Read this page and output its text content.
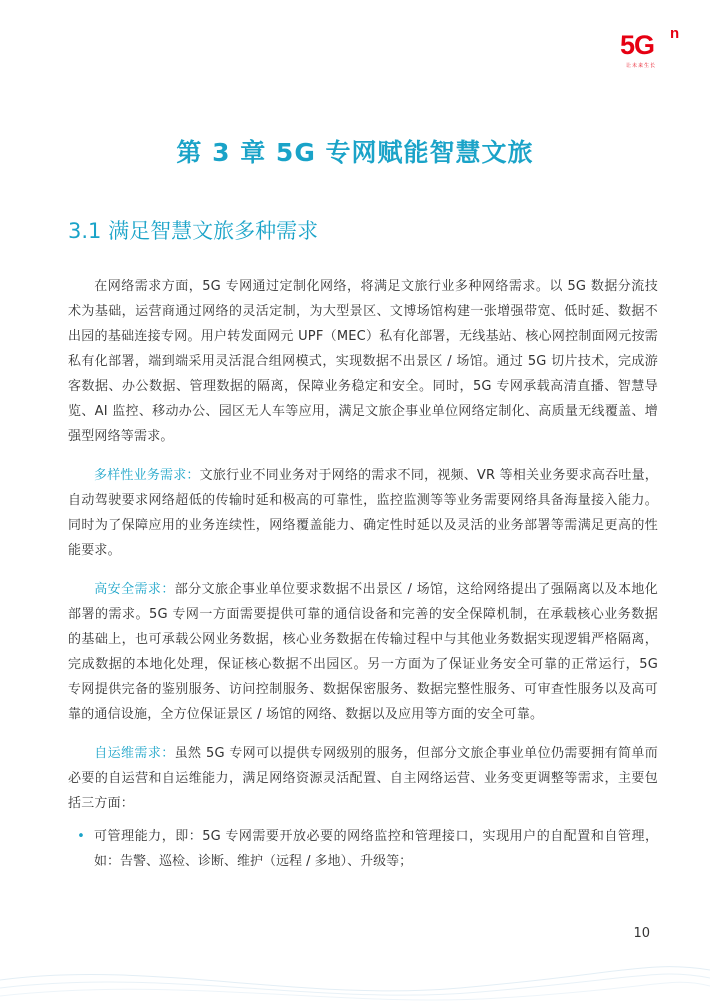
5G n
让未来生长
第 3 章 5G 专网赋能智慧文旅
3.1 满足智慧文旅多种需求

在网络需求方面，5G 专网通过定制化网络，将满足文旅行业多种网络需求。以 5G 数据分流技术为基础，运营商通过网络的灵活定制，为大型景区、文博场馆构建一张增强带宽、低时延、数据不出园的基础连接专网。用户转发面网元 UPF（MEC）私有化部署，无线基站、核心网控制面网元按需私有化部署，端到端采用灵活混合组网模式，实现数据不出景区 / 场馆。通过 5G 切片技术，完成游客数据、办公数据、管理数据的隔离，保障业务稳定和安全。同时，5G 专网承载高清直播、智慧导览、AI 监控、移动办公、园区无人车等应用，满足文旅企事业单位网络定制化、高质量无线覆盖、增强型网络等需求。

多样性业务需求：文旅行业不同业务对于网络的需求不同，视频、VR 等相关业务要求高吞吐量，自动驾驶要求网络超低的传输时延和极高的可靠性，监控监测等等业务需要网络具备海量接入能力。同时为了保障应用的业务连续性，网络覆盖能力、确定性时延以及灵活的业务部署等需满足更高的性能要求。

高安全需求：部分文旅企事业单位要求数据不出景区 / 场馆，这给网络提出了强隔离以及本地化部署的需求。5G 专网一方面需要提供可靠的通信设备和完善的安全保障机制，在承载核心业务数据的基础上，也可承载公网业务数据，核心业务数据在传输过程中与其他业务数据实现逻辑严格隔离，完成数据的本地化处理，保证核心数据不出园区。另一方面为了保证业务安全可靠的正常运行，5G 专网提供完备的鉴别服务、访问控制服务、数据保密服务、数据完整性服务、可审查性服务以及高可靠的通信设施，全方位保证景区 / 场馆的网络、数据以及应用等方面的安全可靠。

自运维需求：虽然 5G 专网可以提供专网级别的服务，但部分文旅企事业单位仍需要拥有简单而必要的自运营和自运维能力，满足网络资源灵活配置、自主网络运营、业务变更调整等需求，主要包括三方面：

• 可管理能力，即：5G 专网需要开放必要的网络监控和管理接口，实现用户的自配置和自管理，如：告警、巡检、诊断、维护（远程 / 多地）、升级等；
10
